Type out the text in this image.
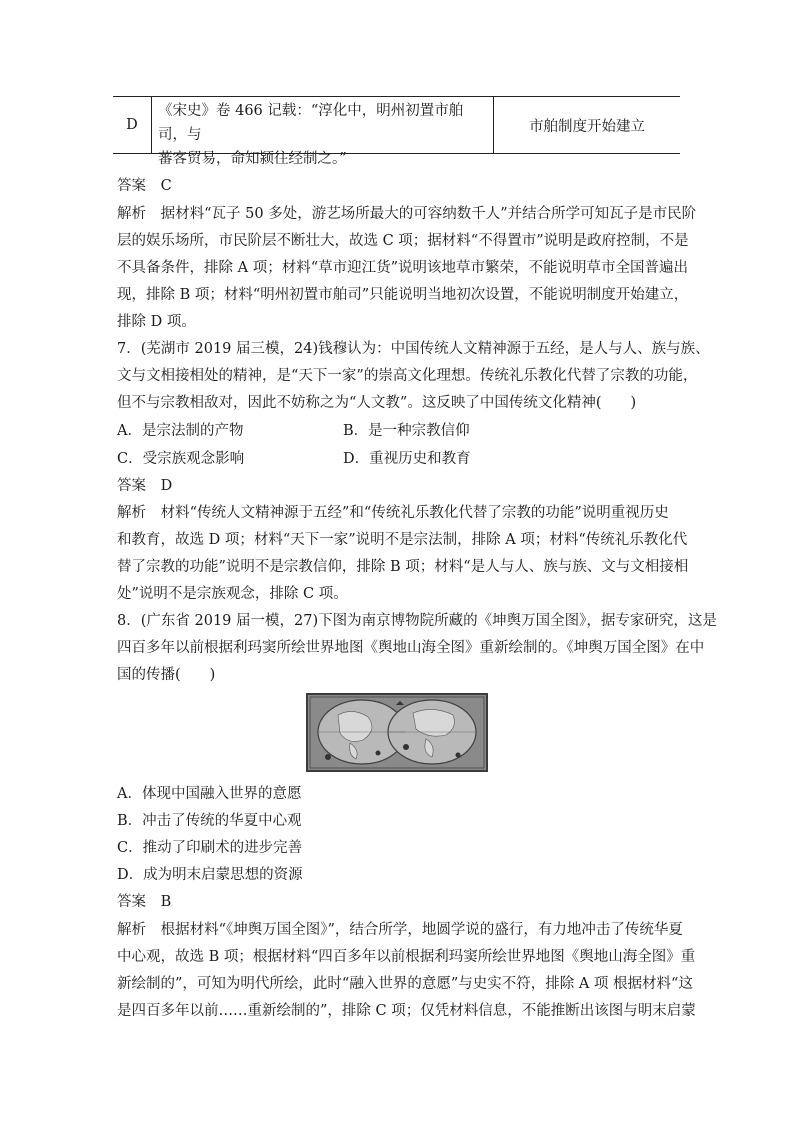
D
《宋史》卷 466 记载：“淳化中，明州初置市舶司，与
蕃客贸易，命知颍往经制之。”
市舶制度开始建立
答案 C
解析 据材料“瓦子 50 多处，游艺场所最大的可容纳数千人”并结合所学可知瓦子是市民阶
层的娱乐场所，市民阶层不断壮大，故选 C 项；据材料“不得置市”说明是政府控制，不是
不具备条件，排除 A 项；材料“草市迎江货”说明该地草市繁荣，不能说明草市全国普遍出
现，排除 B 项；材料“明州初置市舶司”只能说明当地初次设置，不能说明制度开始建立，
排除 D 项。
7．(芜湖市 2019 届三模，24)钱穆认为：中国传统人文精神源于五经，是人与人、族与族、
文与文相接相处的精神，是“天下一家”的崇高文化理想。传统礼乐教化代替了宗教的功能，
但不与宗教相敌对，因此不妨称之为“人文教”。这反映了中国传统文化精神(　　)
A．是宗法制的产物	B．是一种宗教信仰
C．受宗族观念影响	D．重视历史和教育
答案 D
解析 材料“传统人文精神源于五经”和“传统礼乐教化代替了宗教的功能”说明重视历史
和教育，故选 D 项；材料“天下一家”说明不是宗法制，排除 A 项；材料“传统礼乐教化代
替了宗教的功能”说明不是宗教信仰，排除 B 项；材料“是人与人、族与族、文与文相接相
处”说明不是宗族观念，排除 C 项。
8．(广东省 2019 届一模，27)下图为南京博物院所藏的《坤舆万国全图》，据专家研究，这是
四百多年以前根据利玛窦所绘世界地图《舆地山海全图》重新绘制的。《坤舆万国全图》在中
国的传播(　　)
A．体现中国融入世界的意愿
B．冲击了传统的华夏中心观
C．推动了印刷术的进步完善
D．成为明末启蒙思想的资源
答案 B
解析 根据材料“《坤舆万国全图》”，结合所学，地圆学说的盛行，有力地冲击了传统华夏
中心观，故选 B 项；根据材料“四百多年以前根据利玛窦所绘世界地图《舆地山海全图》重
新绘制的”，可知为明代所绘，此时“融入世界的意愿”与史实不符，排除 A 项 根据材料“这
是四百多年以前……重新绘制的”，排除 C 项；仅凭材料信息，不能推断出该图与明末启蒙
